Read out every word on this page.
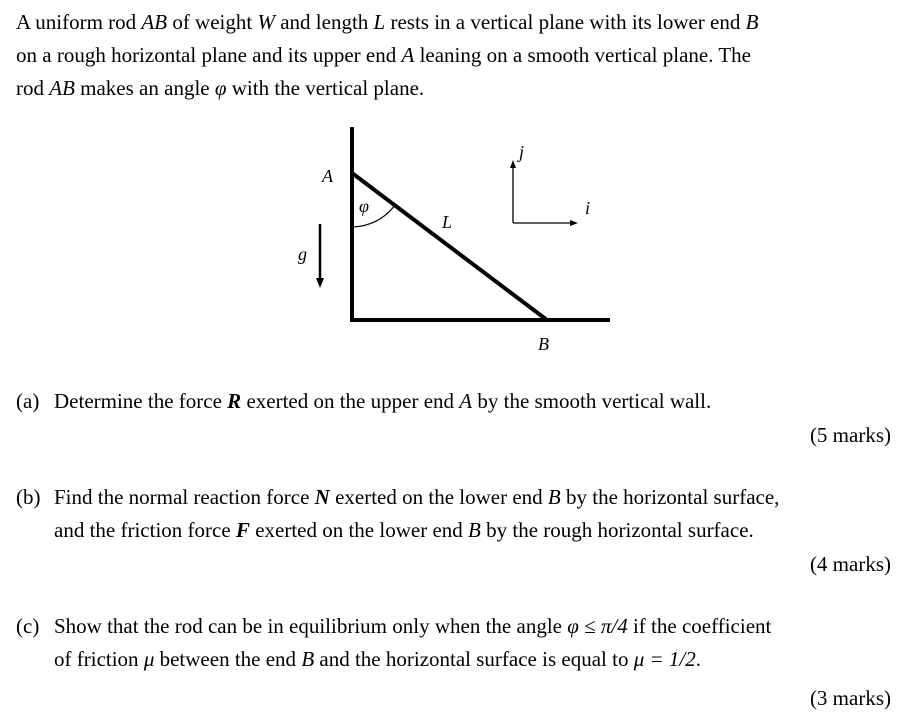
A uniform rod AB of weight W and length L rests in a vertical plane with its lower end B
on a rough horizontal plane and its upper end A leaning on a smooth vertical plane. The
rod AB makes an angle φ with the vertical plane.
A
φ
L
B
g
j
i
(a) Determine the force R exerted on the upper end A by the smooth vertical wall.
(5 marks)
(b) Find the normal reaction force N exerted on the lower end B by the horizontal surface,
and the friction force F exerted on the lower end B by the rough horizontal surface.
(4 marks)
(c) Show that the rod can be in equilibrium only when the angle φ ≤ π/4 if the coefficient
of friction μ between the end B and the horizontal surface is equal to μ = 1/2.
(3 marks)
